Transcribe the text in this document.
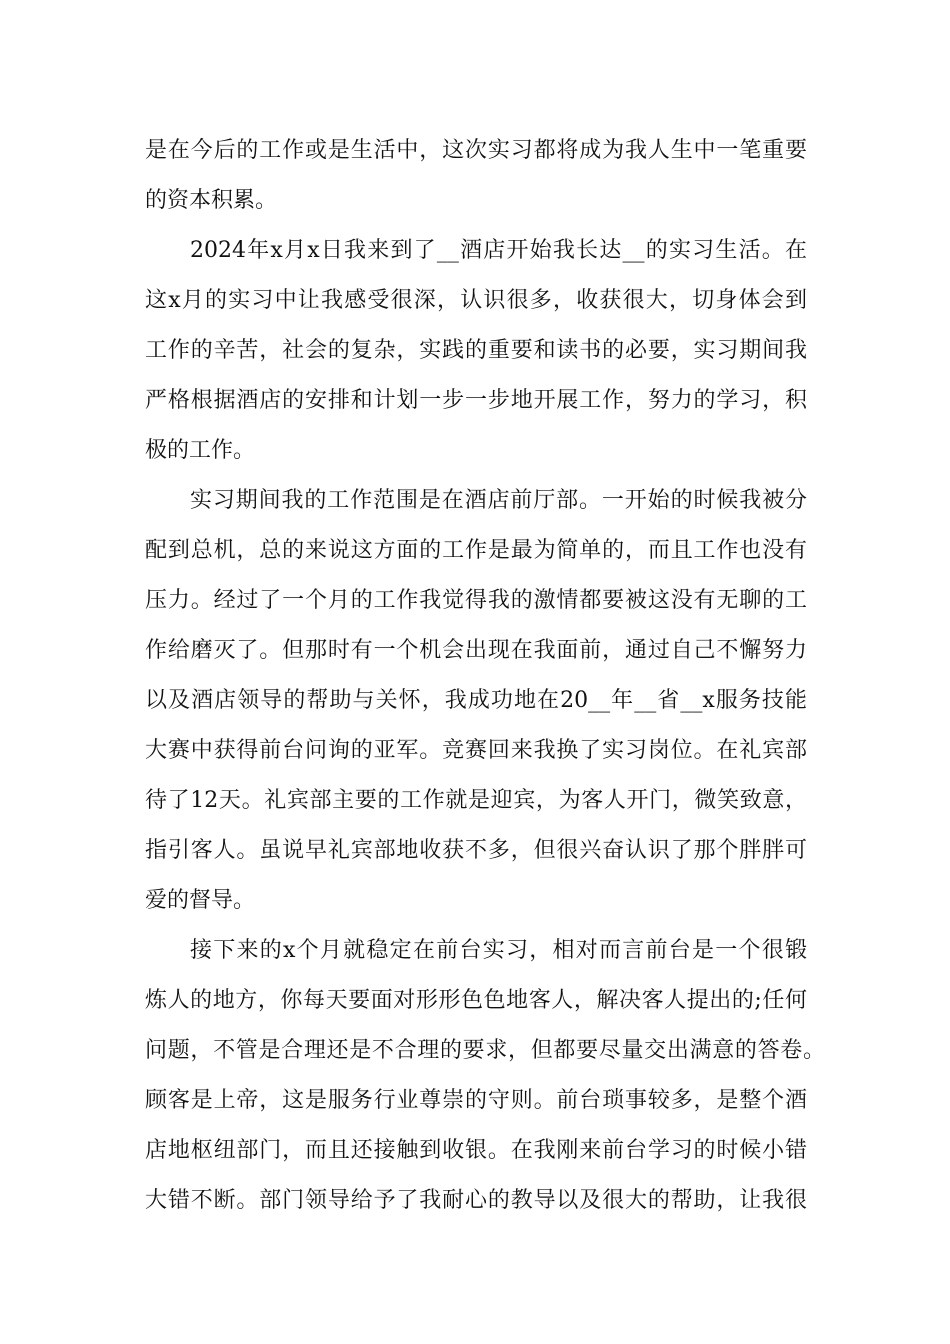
是在今后的工作或是生活中，这次实习都将成为我人生中一笔重要
的资本积累。
2024年x月x日我来到了__酒店开始我长达__的实习生活。在
这x月的实习中让我感受很深，认识很多，收获很大，切身体会到
工作的辛苦，社会的复杂，实践的重要和读书的必要，实习期间我
严格根据酒店的安排和计划一步一步地开展工作，努力的学习，积
极的工作。
实习期间我的工作范围是在酒店前厅部。一开始的时候我被分
配到总机，总的来说这方面的工作是最为简单的，而且工作也没有
压力。经过了一个月的工作我觉得我的激情都要被这没有无聊的工
作给磨灭了。但那时有一个机会出现在我面前，通过自己不懈努力
以及酒店领导的帮助与关怀，我成功地在20__年__省__x服务技能
大赛中获得前台问询的亚军。竞赛回来我换了实习岗位。在礼宾部
待了12天。礼宾部主要的工作就是迎宾，为客人开门，微笑致意，
指引客人。虽说早礼宾部地收获不多，但很兴奋认识了那个胖胖可
爱的督导。
接下来的x个月就稳定在前台实习，相对而言前台是一个很锻
炼人的地方，你每天要面对形形色色地客人，解决客人提出的;任何
问题，不管是合理还是不合理的要求，但都要尽量交出满意的答卷。
顾客是上帝，这是服务行业尊崇的守则。前台琐事较多，是整个酒
店地枢纽部门，而且还接触到收银。在我刚来前台学习的时候小错
大错不断。部门领导给予了我耐心的教导以及很大的帮助，让我很
